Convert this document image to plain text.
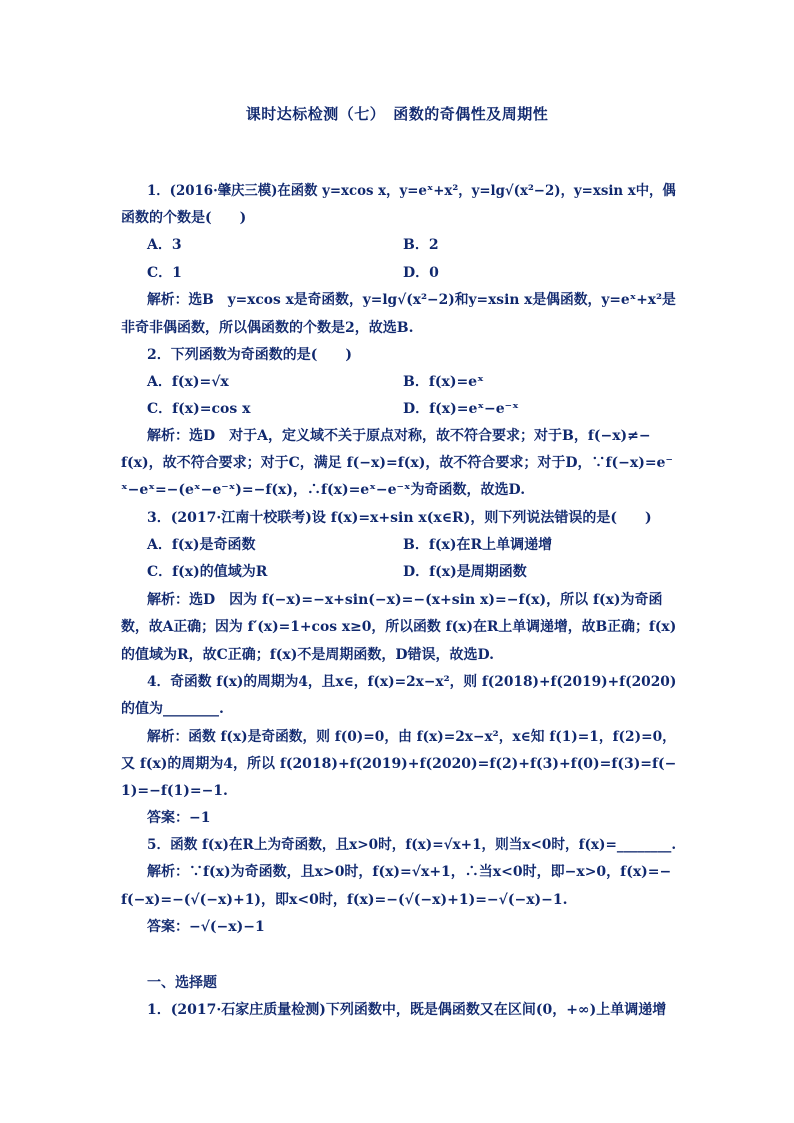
课时达标检测（七）　函数的奇偶性及周期性
1．(2016·肇庆三模)在函数 y=xcos x，y=eˣ+x²，y=lg√(x²−2)，y=xsin x中，偶
函数的个数是(　　)
A．3	B．2
C．1	D．0
解析：选B　y=xcos x是奇函数，y=lg√(x²−2)和y=xsin x是偶函数，y=eˣ+x²是
非奇非偶函数，所以偶函数的个数是2，故选B.
2．下列函数为奇函数的是(　　)
A．f(x)=√x	B．f(x)=eˣ
C．f(x)=cos x	D．f(x)=eˣ−e⁻ˣ
解析：选D　对于A，定义域不关于原点对称，故不符合要求；对于B，f(−x)≠−
f(x)，故不符合要求；对于C，满足 f(−x)=f(x)，故不符合要求；对于D，∵f(−x)=e⁻
ˣ−eˣ=−(eˣ−e⁻ˣ)=−f(x)，∴f(x)=eˣ−e⁻ˣ为奇函数，故选D.
3．(2017·江南十校联考)设 f(x)=x+sin x(x∈R)，则下列说法错误的是(　　)
A．f(x)是奇函数	B．f(x)在R上单调递增
C．f(x)的值域为R	D．f(x)是周期函数
解析：选D　因为 f(−x)=−x+sin(−x)=−(x+sin x)=−f(x)，所以 f(x)为奇函
数，故A正确；因为 f′(x)=1+cos x≥0，所以函数 f(x)在R上单调递增，故B正确；f(x)
的值域为R，故C正确；f(x)不是周期函数，D错误，故选D.
4．奇函数 f(x)的周期为4，且x∈，f(x)=2x−x²，则 f(2018)+f(2019)+f(2020)
的值为________.
解析：函数 f(x)是奇函数，则 f(0)=0，由 f(x)=2x−x²，x∈知 f(1)=1，f(2)=0，
又 f(x)的周期为4，所以 f(2018)+f(2019)+f(2020)=f(2)+f(3)+f(0)=f(3)=f(−
1)=−f(1)=−1.
答案：−1
5．函数 f(x)在R上为奇函数，且x>0时，f(x)=√x+1，则当x<0时，f(x)=________.
解析：∵f(x)为奇函数，且x>0时，f(x)=√x+1，∴当x<0时，即−x>0，f(x)=−
f(−x)=−(√(−x)+1)，即x<0时，f(x)=−(√(−x)+1)=−√(−x)−1.
答案：−√(−x)−1
一、选择题
1．(2017·石家庄质量检测)下列函数中，既是偶函数又在区间(0，+∞)上单调递增
